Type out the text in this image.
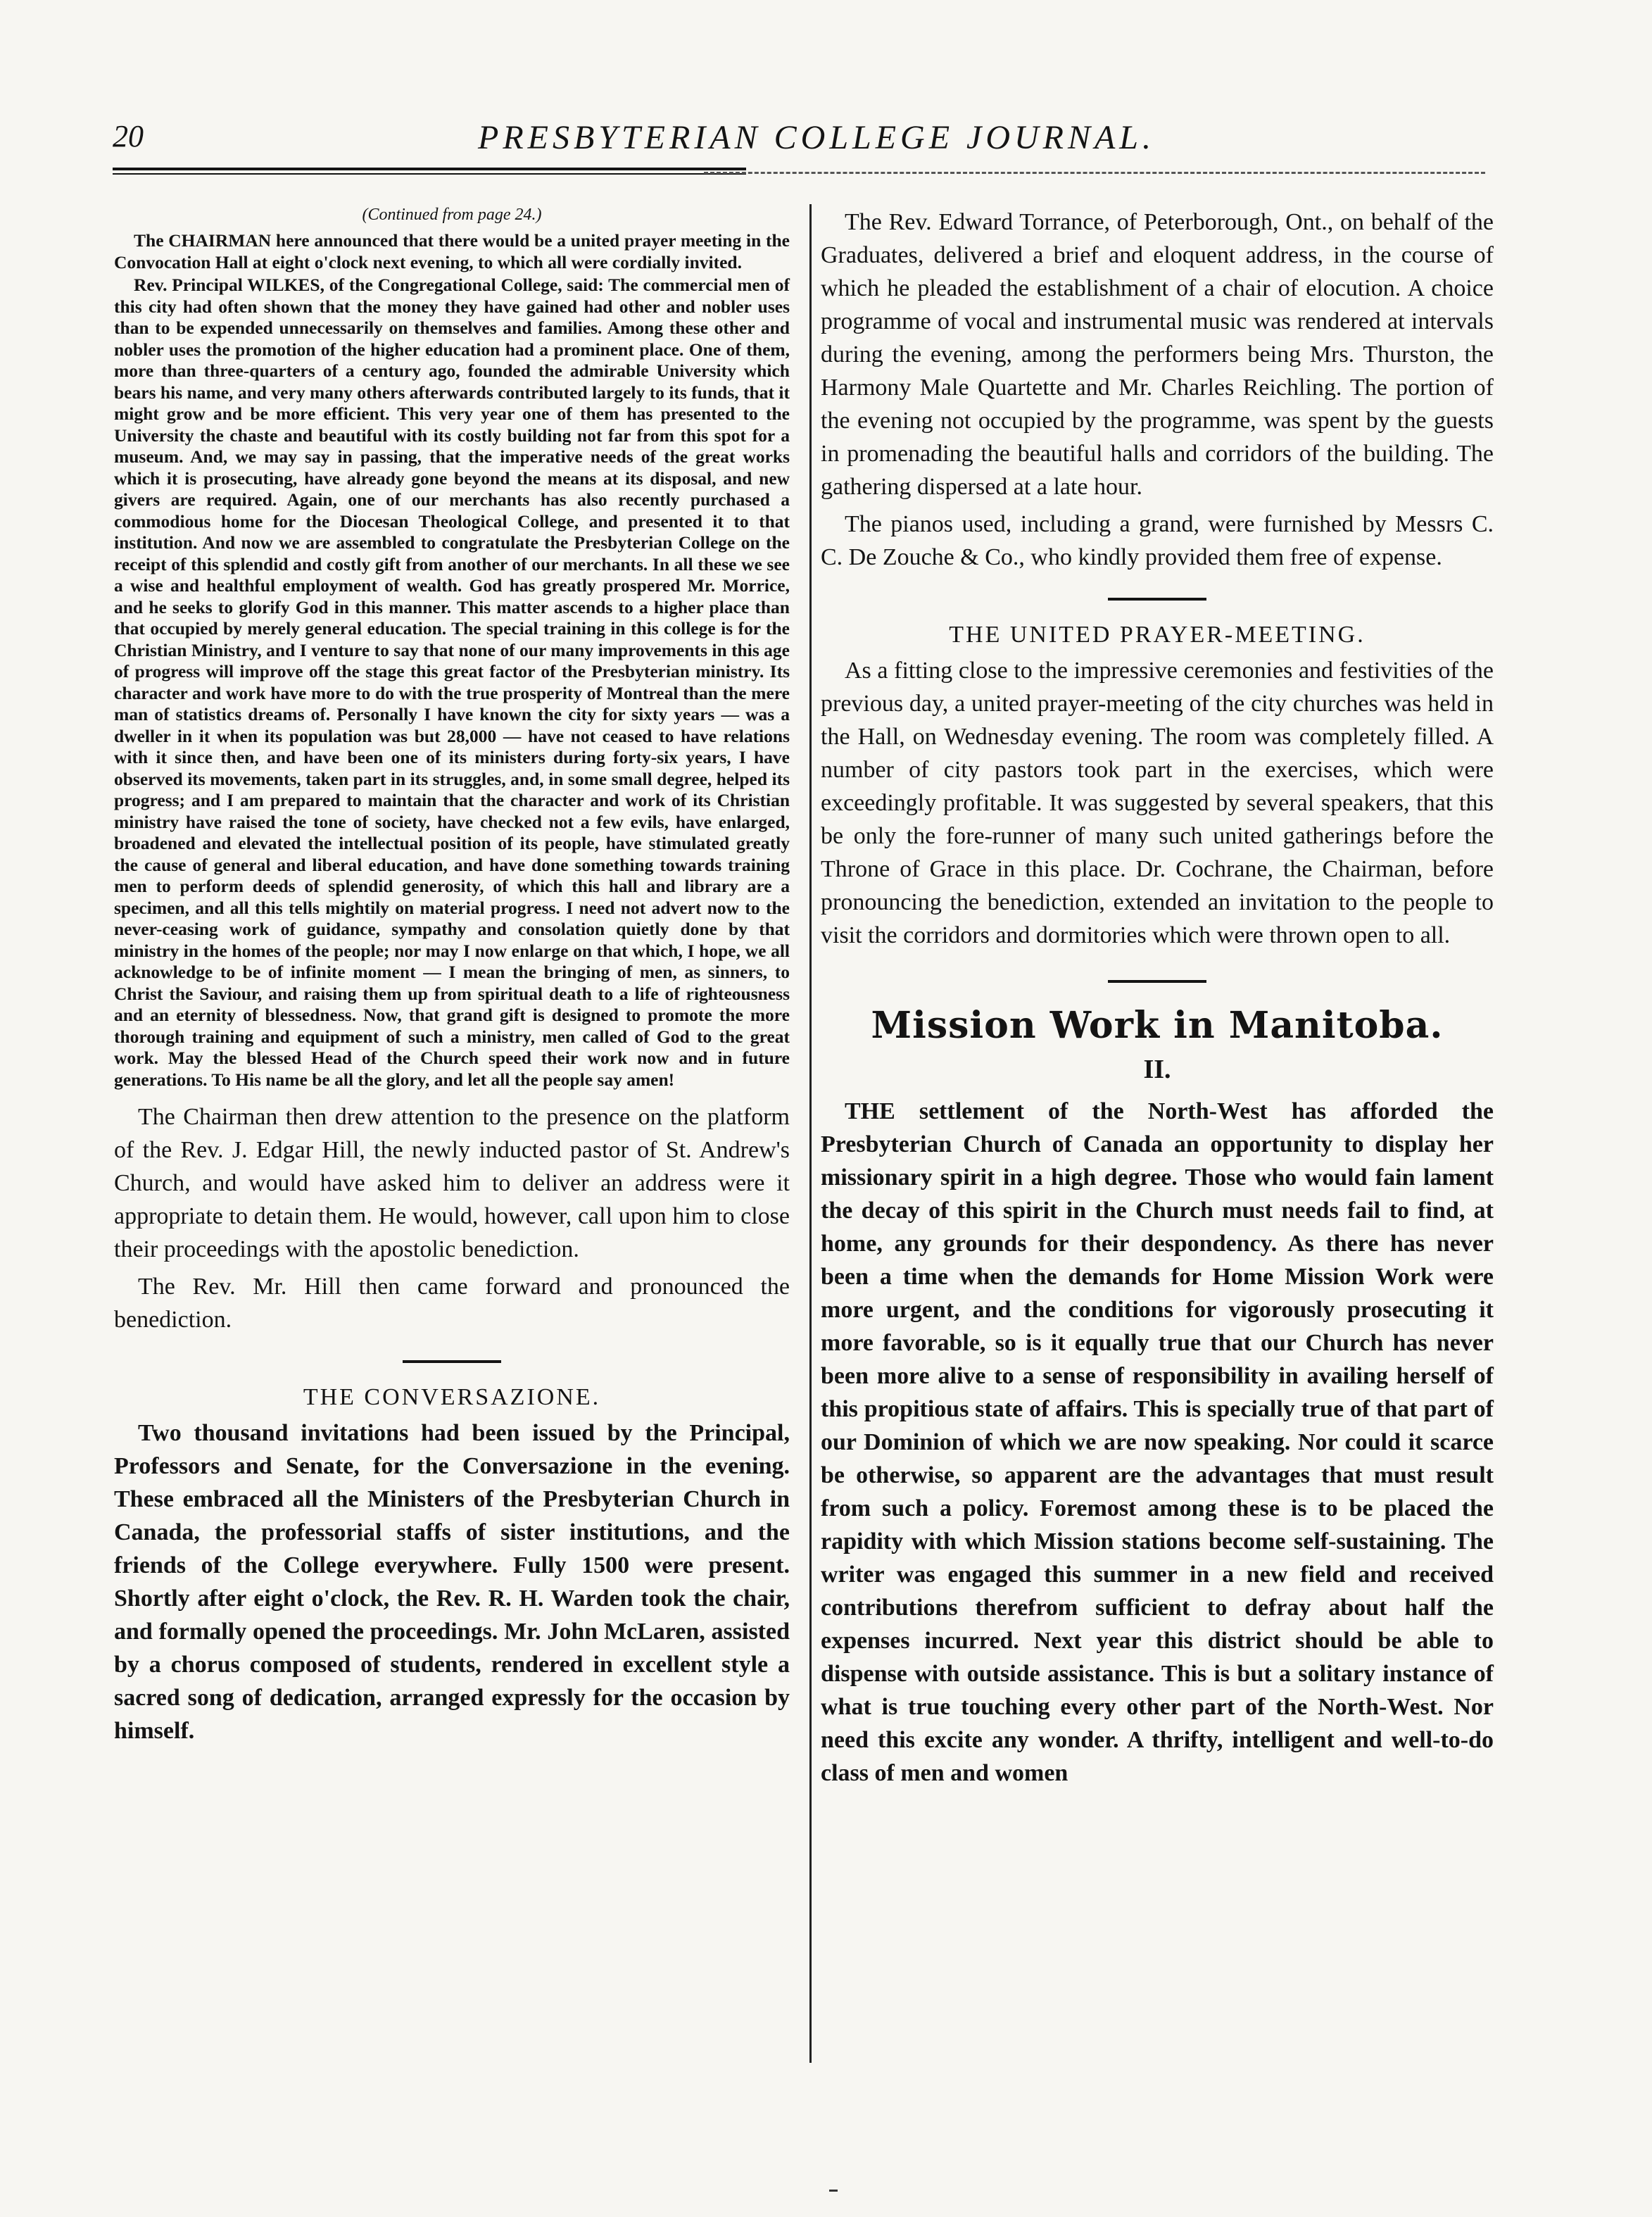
20	PRESBYTERIAN COLLEGE JOURNAL.
(Continued from page 24.)

The CHAIRMAN here announced that there would be a united prayer meeting in the Convocation Hall at eight o'clock next evening, to which all were cordially invited.

Rev. Principal WILKES, of the Congregational College, said: The commercial men of this city had often shown that the money they have gained had other and nobler uses than to be expended unnecessarily on themselves and families. Among these other and nobler uses the promotion of the higher education had a prominent place. One of them, more than three-quarters of a century ago, founded the admirable University which bears his name, and very many others afterwards contributed largely to its funds, that it might grow and be more efficient. This very year one of them has presented to the University the chaste and beautiful with its costly building not far from this spot for a museum. And, we may say in passing, that the imperative needs of the great works which it is prosecuting, have already gone beyond the means at its disposal, and new givers are required. Again, one of our merchants has also recently purchased a commodious home for the Diocesan Theological College, and presented it to that institution. And now we are assembled to congratulate the Presbyterian College on the receipt of this splendid and costly gift from another of our merchants. In all these we see a wise and healthful employment of wealth. God has greatly prospered Mr. Morrice, and he seeks to glorify God in this manner. This matter ascends to a higher place than that occupied by merely general education. The special training in this college is for the Christian Ministry, and I venture to say that none of our many improvements in this age of progress will improve off the stage this great factor of the Presbyterian ministry. Its character and work have more to do with the true prosperity of Montreal than the mere man of statistics dreams of. Personally I have known the city for sixty years — was a dweller in it when its population was but 28,000 — have not ceased to have relations with it since then, and have been one of its ministers during forty-six years, I have observed its movements, taken part in its struggles, and, in some small degree, helped its progress; and I am prepared to maintain that the character and work of its Christian ministry have raised the tone of society, have checked not a few evils, have enlarged, broadened and elevated the intellectual position of its people, have stimulated greatly the cause of general and liberal education, and have done something towards training men to perform deeds of splendid generosity, of which this hall and library are a specimen, and all this tells mightily on material progress. I need not advert now to the never-ceasing work of guidance, sympathy and consolation quietly done by that ministry in the homes of the people; nor may I now enlarge on that which, I hope, we all acknowledge to be of infinite moment — I mean the bringing of men, as sinners, to Christ the Saviour, and raising them up from spiritual death to a life of righteousness and an eternity of blessedness. Now, that grand gift is designed to promote the more thorough training and equipment of such a ministry, men called of God to the great work. May the blessed Head of the Church speed their work now and in future generations. To His name be all the glory, and let all the people say amen!

The Chairman then drew attention to the presence on the platform of the Rev. J. Edgar Hill, the newly inducted pastor of St. Andrew's Church, and would have asked him to deliver an address were it appropriate to detain them. He would, however, call upon him to close their proceedings with the apostolic benediction.

The Rev. Mr. Hill then came forward and pronounced the benediction.

THE CONVERSAZIONE.

Two thousand invitations had been issued by the Principal, Professors and Senate, for the Conversazione in the evening. These embraced all the Ministers of the Presbyterian Church in Canada, the professorial staffs of sister institutions, and the friends of the College everywhere. Fully 1500 were present. Shortly after eight o'clock, the Rev. R. H. Warden took the chair, and formally opened the proceedings. Mr. John McLaren, assisted by a chorus composed of students, rendered in excellent style a sacred song of dedication, arranged expressly for the occasion by himself.

The Rev. Edward Torrance, of Peterborough, Ont., on behalf of the Graduates, delivered a brief and eloquent address, in the course of which he pleaded the establishment of a chair of elocution. A choice programme of vocal and instrumental music was rendered at intervals during the evening, among the performers being Mrs. Thurston, the Harmony Male Quartette and Mr. Charles Reichling. The portion of the evening not occupied by the programme, was spent by the guests in promenading the beautiful halls and corridors of the building. The gathering dispersed at a late hour.

The pianos used, including a grand, were furnished by Messrs C. C. De Zouche & Co., who kindly provided them free of expense.

THE UNITED PRAYER-MEETING.

As a fitting close to the impressive ceremonies and festivities of the previous day, a united prayer-meeting of the city churches was held in the Hall, on Wednesday evening. The room was completely filled. A number of city pastors took part in the exercises, which were exceedingly profitable. It was suggested by several speakers, that this be only the fore-runner of many such united gatherings before the Throne of Grace in this place. Dr. Cochrane, the Chairman, before pronouncing the benediction, extended an invitation to the people to visit the corridors and dormitories which were thrown open to all.

Mission Work in Manitoba.
II.

THE settlement of the North-West has afforded the Presbyterian Church of Canada an opportunity to display her missionary spirit in a high degree. Those who would fain lament the decay of this spirit in the Church must needs fail to find, at home, any grounds for their despondency. As there has never been a time when the demands for Home Mission Work were more urgent, and the conditions for vigorously prosecuting it more favorable, so is it equally true that our Church has never been more alive to a sense of responsibility in availing herself of this propitious state of affairs. This is specially true of that part of our Dominion of which we are now speaking. Nor could it scarce be otherwise, so apparent are the advantages that must result from such a policy. Foremost among these is to be placed the rapidity with which Mission stations become self-sustaining. The writer was engaged this summer in a new field and received contributions therefrom sufficient to defray about half the expenses incurred. Next year this district should be able to dispense with outside assistance. This is but a solitary instance of what is true touching every other part of the North-West. Nor need this excite any wonder. A thrifty, intelligent and well-to-do class of men and women
